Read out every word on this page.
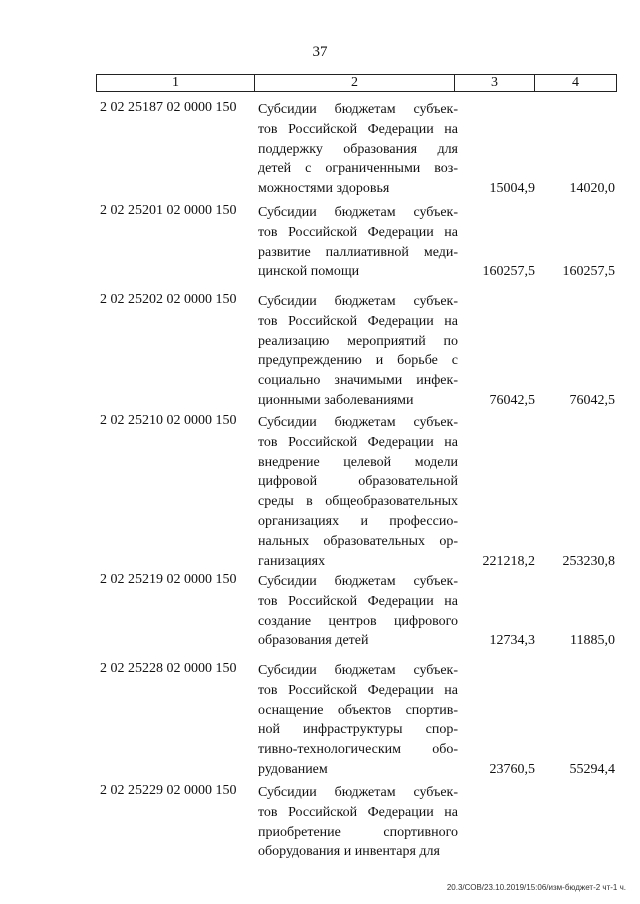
37
1	2	3	4
2 02 25187 02 0000 150 Субсидии бюджетам субъек-
тов Российской Федерации на
поддержку образования для
детей с ограниченными воз-
можностями здоровья	15004,9 14020,0
2 02 25201 02 0000 150 Субсидии бюджетам субъек-
тов Российской Федерации на
развитие паллиативной меди-
цинской помощи	160257,5 160257,5
2 02 25202 02 0000 150 Субсидии бюджетам субъек-
тов Российской Федерации на
реализацию мероприятий по
предупреждению и борьбе с
социально значимыми инфек-
ционными заболеваниями	76042,5 76042,5
2 02 25210 02 0000 150 Субсидии бюджетам субъек-
тов Российской Федерации на
внедрение целевой модели
цифровой образовательной
среды в общеобразовательных
организациях и профессио-
нальных образовательных ор-
ганизациях	221218,2 253230,8
2 02 25219 02 0000 150 Субсидии бюджетам субъек-
тов Российской Федерации на
создание центров цифрового
образования детей	12734,3	11885,0
2 02 25228 02 0000 150 Субсидии бюджетам субъек-
тов Российской Федерации на
оснащение объектов спортив-
ной инфраструктуры спор-
тивно-технологическим обо-
рудованием	23760,5 55294,4
2 02 25229 02 0000 150 Субсидии бюджетам субъек-
тов Российской Федерации на
приобретение спортивного
оборудования и инвентаря для
20.3/СОВ/23.10.2019/15:06/изм-бюджет-2 чт-1 ч.
